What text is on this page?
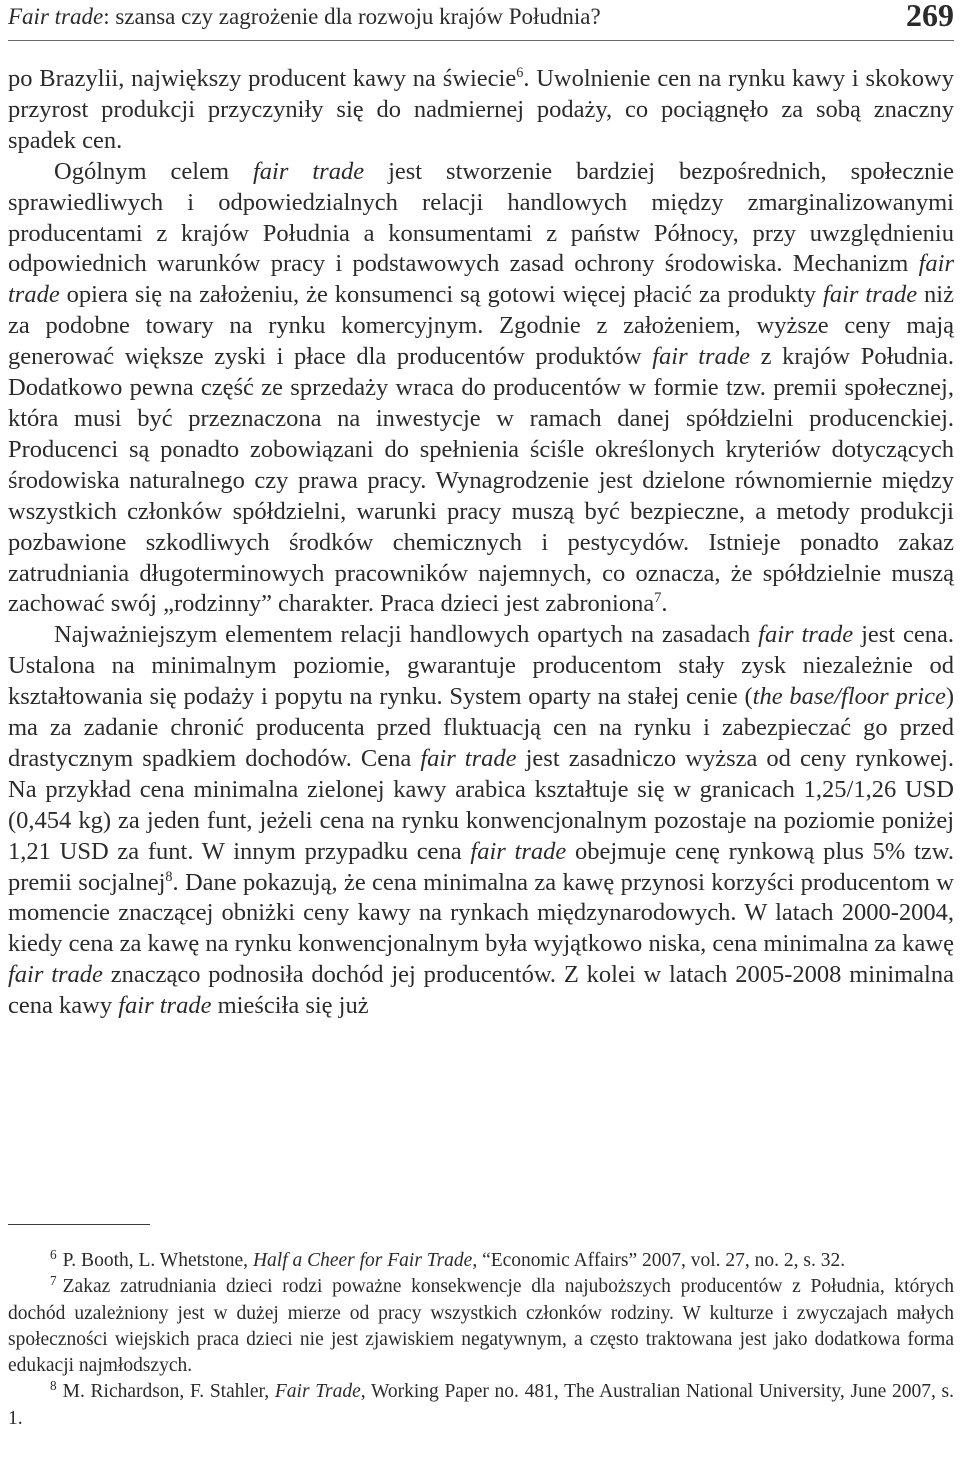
Fair trade: szansa czy zagrożenie dla rozwoju krajów Południa?	269

po Brazylii, największy producent kawy na świecie$^6$. Uwolnienie cen na rynku kawy i skokowy przyrost produkcji przyczyniły się do nadmiernej podaży, co pociągnęło za sobą znaczny spadek cen.

Ogólnym celem fair trade jest stworzenie bardziej bezpośrednich, społecznie sprawiedliwych i odpowiedzialnych relacji handlowych między zmarginalizowanymi producentami z krajów Południa a konsumentami z państw Północy, przy uwzględnieniu odpowiednich warunków pracy i podstawowych zasad ochrony środowiska. Mechanizm fair trade opiera się na założeniu, że konsumenci są gotowi więcej płacić za produkty fair trade niż za podobne towary na rynku komercyjnym. Zgodnie z założeniem, wyższe ceny mają generować większe zyski i płace dla producentów produktów fair trade z krajów Południa. Dodatkowo pewna część ze sprzedaży wraca do producentów w formie tzw. premii społecznej, która musi być przeznaczona na inwestycje w ramach danej spółdzielni producenckiej. Producenci są ponadto zobowiązani do spełnienia ściśle określonych kryteriów dotyczących środowiska naturalnego czy prawa pracy. Wynagrodzenie jest dzielone równomiernie między wszystkich członków spółdzielni, warunki pracy muszą być bezpieczne, a metody produkcji pozbawione szkodliwych środków chemicznych i pestycydów. Istnieje ponadto zakaz zatrudniania długoterminowych pracowników najemnych, co oznacza, że spółdzielnie muszą zachować swój „rodzinny” charakter. Praca dzieci jest zabroniona$^7$.

Najważniejszym elementem relacji handlowych opartych na zasadach fair trade jest cena. Ustalona na minimalnym poziomie, gwarantuje producentom stały zysk niezależnie od kształtowania się podaży i popytu na rynku. System oparty na stałej cenie (the base/floor price) ma za zadanie chronić producenta przed fluktuacją cen na rynku i zabezpieczać go przed drastycznym spadkiem dochodów. Cena fair trade jest zasadniczo wyższa od ceny rynkowej. Na przykład cena minimalna zielonej kawy arabica kształtuje się w granicach 1,25/1,26 USD (0,454 kg) za jeden funt, jeżeli cena na rynku konwencjonalnym pozostaje na poziomie poniżej 1,21 USD za funt. W innym przypadku cena fair trade obejmuje cenę rynkową plus 5% tzw. premii socjalnej$^8$. Dane pokazują, że cena minimalna za kawę przynosi korzyści producentom w momencie znaczącej obniżki ceny kawy na rynkach międzynarodowych. W latach 2000-2004, kiedy cena za kawę na rynku konwencjonalnym była wyjątkowo niska, cena minimalna za kawę fair trade znacząco podnosiła dochód jej producentów. Z kolei w latach 2005-2008 minimalna cena kawy fair trade mieściła się już

$^6$ P. Booth, L. Whetstone, Half a Cheer for Fair Trade, “Economic Affairs” 2007, vol. 27, no. 2, s. 32.

$^7$ Zakaz zatrudniania dzieci rodzi poważne konsekwencje dla najuboższych producentów z Południa, których dochód uzależniony jest w dużej mierze od pracy wszystkich członków rodziny. W kulturze i zwyczajach małych społeczności wiejskich praca dzieci nie jest zjawiskiem negatywnym, a często traktowana jest jako dodatkowa forma edukacji najmłodszych.

$^8$ M. Richardson, F. Stahler, Fair Trade, Working Paper no. 481, The Australian National University, June 2007, s. 1.
